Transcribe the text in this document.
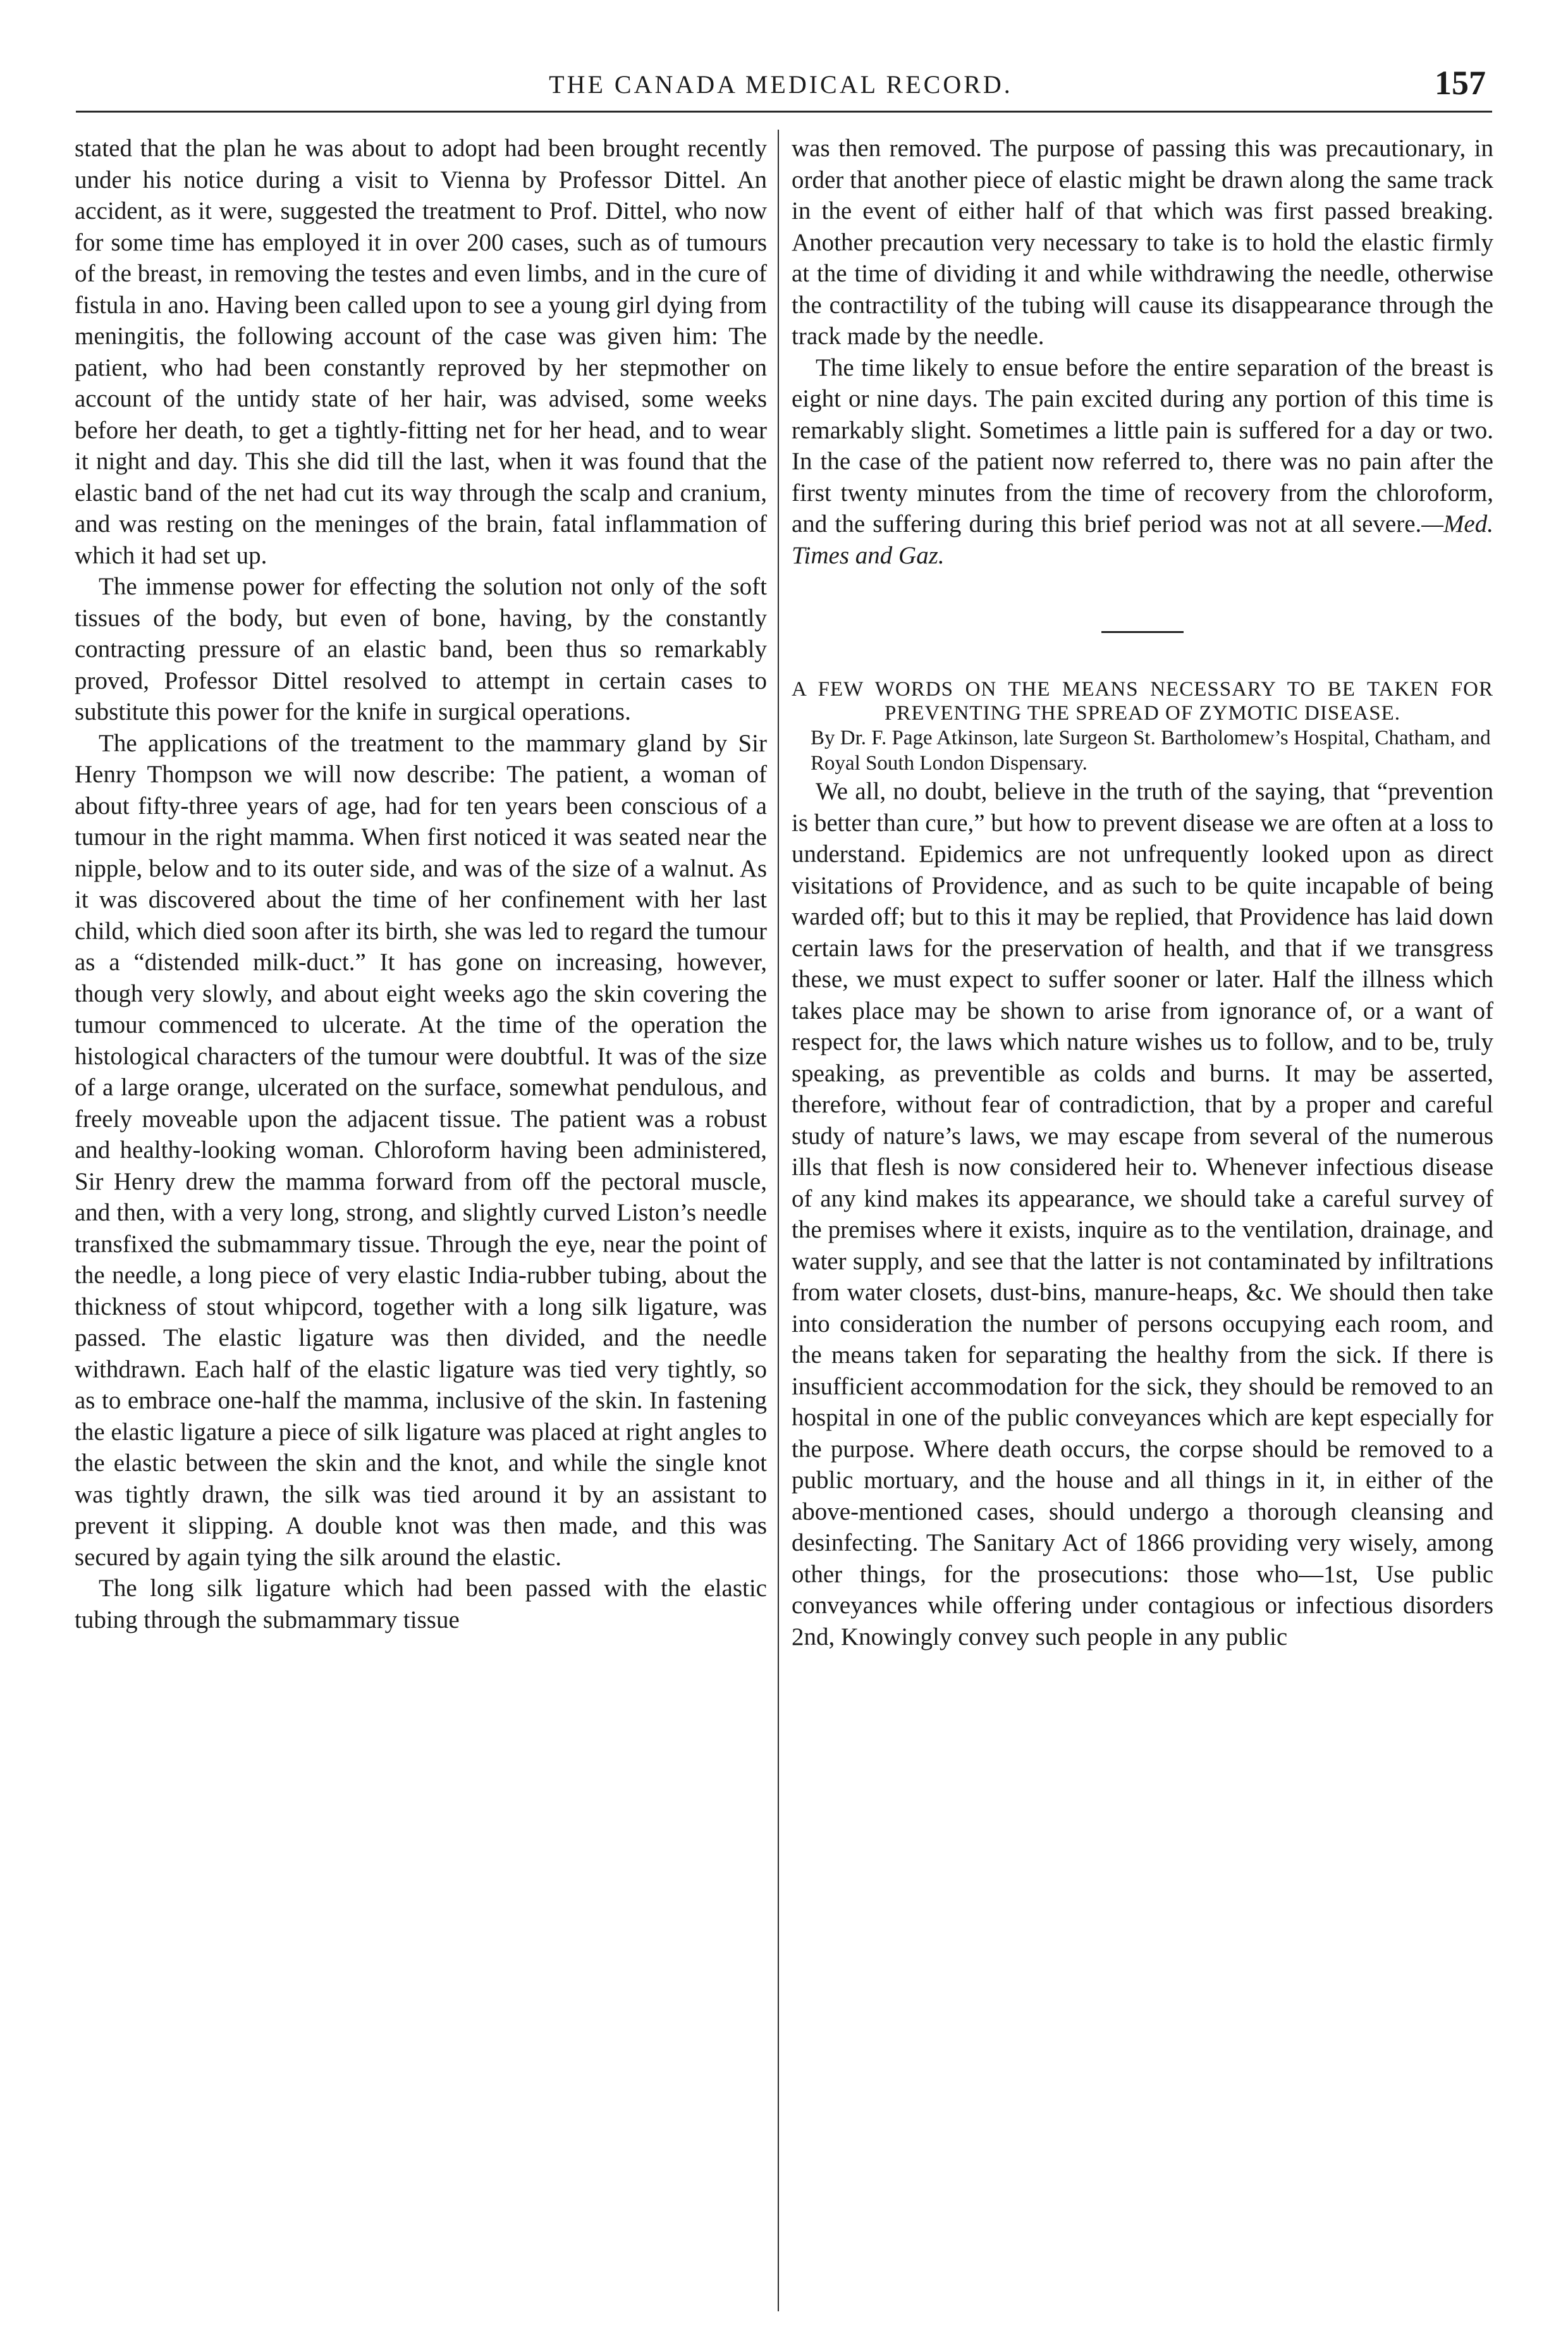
THE CANADA MEDICAL RECORD.	157

stated that the plan he was about to adopt had been brought recently under his notice during a visit to Vienna by Professor Dittel. An accident, as it were, suggested the treatment to Prof. Dittel, who now for some time has employed it in over 200 cases, such as of tumours of the breast, in removing the testes and even limbs, and in the cure of fistula in ano. Having been called upon to see a young girl dying from meningitis, the following account of the case was given him: The patient, who had been constantly reproved by her stepmother on account of the untidy state of her hair, was advised, some weeks before her death, to get a tightly-fitting net for her head, and to wear it night and day. This she did till the last, when it was found that the elastic band of the net had cut its way through the scalp and cranium, and was resting on the meninges of the brain, fatal inflammation of which it had set up.

The immense power for effecting the solution not only of the soft tissues of the body, but even of bone, having, by the constantly contracting pressure of an elastic band, been thus so remarkably proved, Professor Dittel resolved to attempt in certain cases to substitute this power for the knife in surgical operations.

The applications of the treatment to the mammary gland by Sir Henry Thompson we will now describe: The patient, a woman of about fifty-three years of age, had for ten years been conscious of a tumour in the right mamma. When first noticed it was seated near the nipple, below and to its outer side, and was of the size of a walnut. As it was discovered about the time of her confinement with her last child, which died soon after its birth, she was led to regard the tumour as a “distended milk-duct.” It has gone on increasing, however, though very slowly, and about eight weeks ago the skin covering the tumour commenced to ulcerate. At the time of the operation the histological characters of the tumour were doubtful. It was of the size of a large orange, ulcerated on the surface, somewhat pendulous, and freely moveable upon the adjacent tissue. The patient was a robust and healthy-looking woman. Chloroform having been administered, Sir Henry drew the mamma forward from off the pectoral muscle, and then, with a very long, strong, and slightly curved Liston’s needle transfixed the submammary tissue. Through the eye, near the point of the needle, a long piece of very elastic India-rubber tubing, about the thickness of stout whipcord, together with a long silk ligature, was passed. The elastic ligature was then divided, and the needle withdrawn. Each half of the elastic ligature was tied very tightly, so as to embrace one-half the mamma, inclusive of the skin. In fastening the elastic ligature a piece of silk ligature was placed at right angles to the elastic between the skin and the knot, and while the single knot was tightly drawn, the silk was tied around it by an assistant to prevent it slipping. A double knot was then made, and this was secured by again tying the silk around the elastic.

The long silk ligature which had been passed with the elastic tubing through the submammary tissue

was then removed. The purpose of passing this was precautionary, in order that another piece of elastic might be drawn along the same track in the event of either half of that which was first passed breaking. Another precaution very necessary to take is to hold the elastic firmly at the time of dividing it and while withdrawing the needle, otherwise the contractility of the tubing will cause its disappearance through the track made by the needle.

The time likely to ensue before the entire separation of the breast is eight or nine days. The pain excited during any portion of this time is remarkably slight. Sometimes a little pain is suffered for a day or two. In the case of the patient now referred to, there was no pain after the first twenty minutes from the time of recovery from the chloroform, and the suffering during this brief period was not at all severe.—Med. Times and Gaz.

A FEW WORDS ON THE MEANS NECESSARY TO BE TAKEN FOR PREVENTING THE SPREAD OF ZYMOTIC DISEASE.

By Dr. F. Page Atkinson, late Surgeon St. Bartholomew’s Hospital, Chatham, and Royal South London Dispensary.

We all, no doubt, believe in the truth of the saying, that “prevention is better than cure,” but how to prevent disease we are often at a loss to understand. Epidemics are not unfrequently looked upon as direct visitations of Providence, and as such to be quite incapable of being warded off; but to this it may be replied, that Providence has laid down certain laws for the preservation of health, and that if we transgress these, we must expect to suffer sooner or later. Half the illness which takes place may be shown to arise from ignorance of, or a want of respect for, the laws which nature wishes us to follow, and to be, truly speaking, as preventible as colds and burns. It may be asserted, therefore, without fear of contradiction, that by a proper and careful study of nature’s laws, we may escape from several of the numerous ills that flesh is now considered heir to. Whenever infectious disease of any kind makes its appearance, we should take a careful survey of the premises where it exists, inquire as to the ventilation, drainage, and water supply, and see that the latter is not contaminated by infiltrations from water closets, dust-bins, manure-heaps, &c. We should then take into consideration the number of persons occupying each room, and the means taken for separating the healthy from the sick. If there is insufficient accommodation for the sick, they should be removed to an hospital in one of the public conveyances which are kept especially for the purpose. Where death occurs, the corpse should be removed to a public mortuary, and the house and all things in it, in either of the above-mentioned cases, should undergo a thorough cleansing and desinfecting. The Sanitary Act of 1866 providing very wisely, among other things, for the prosecutions: those who—1st, Use public conveyances while offering under contagious or infectious disorders 2nd, Knowingly convey such people in any public
